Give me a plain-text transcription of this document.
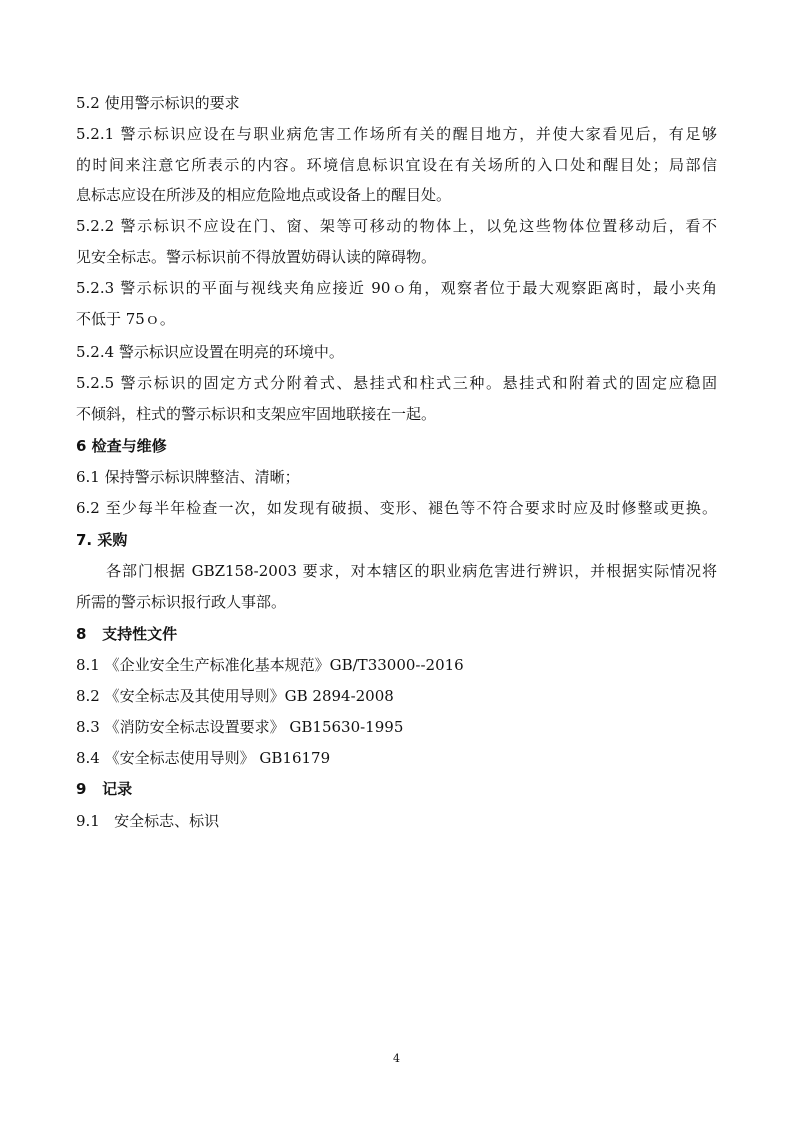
5.2 使用警示标识的要求
5.2.1 警示标识应设在与职业病危害工作场所有关的醒目地方，并使大家看见后，有足够
的时间来注意它所表示的内容。环境信息标识宜设在有关场所的入口处和醒目处；局部信
息标志应设在所涉及的相应危险地点或设备上的醒目处。
5.2.2 警示标识不应设在门、窗、架等可移动的物体上，以免这些物体位置移动后，看不
见安全标志。警示标识前不得放置妨碍认读的障碍物。
5.2.3 警示标识的平面与视线夹角应接近 90ｏ角，观察者位于最大观察距离时，最小夹角
不低于 75ｏ。
5.2.4 警示标识应设置在明亮的环境中。
5.2.5 警示标识的固定方式分附着式、悬挂式和柱式三种。悬挂式和附着式的固定应稳固
不倾斜，柱式的警示标识和支架应牢固地联接在一起。
6 检查与维修
6.1 保持警示标识牌整洁、清晰；
6.2 至少每半年检查一次，如发现有破损、变形、褪色等不符合要求时应及时修整或更换。
7. 采购
各部门根据 GBZ158-2003 要求，对本辖区的职业病危害进行辨识，并根据实际情况将
所需的警示标识报行政人事部。
8   支持性文件
8.1 《企业安全生产标准化基本规范》GB/T33000--2016
8.2 《安全标志及其使用导则》GB 2894-2008
8.3 《消防安全标志设置要求》 GB15630-1995
8.4 《安全标志使用导则》 GB16179
9   记录
9.1   安全标志、标识
4
